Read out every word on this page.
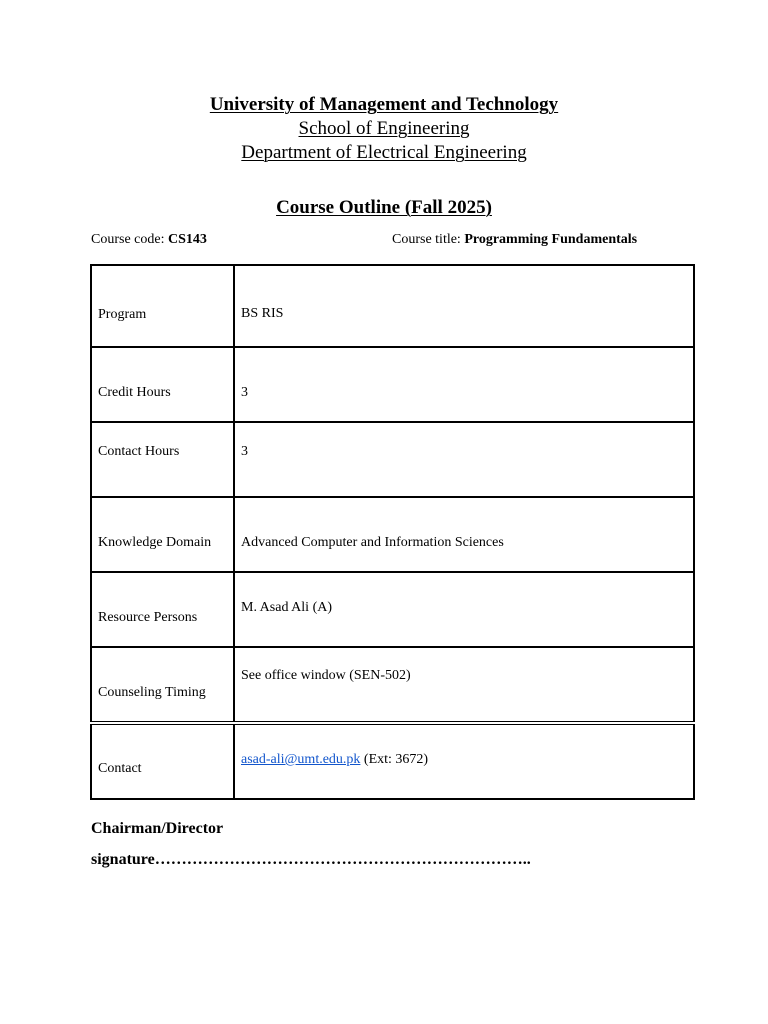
University of Management and Technology
School of Engineering
Department of Electrical Engineering
Course Outline (Fall 2025)
Course code: CS143	Course title: Programming Fundamentals
Program	BS RIS

Credit Hours	3

Contact Hours	3

Knowledge Domain	Advanced Computer and Information Sciences

Resource Persons	M. Asad Ali (A)

Counseling Timing	See office window (SEN-502)

Contact	asad-ali@umt.edu.pk (Ext: 3672)
Chairman/Director
signature……………………………………………………………..
